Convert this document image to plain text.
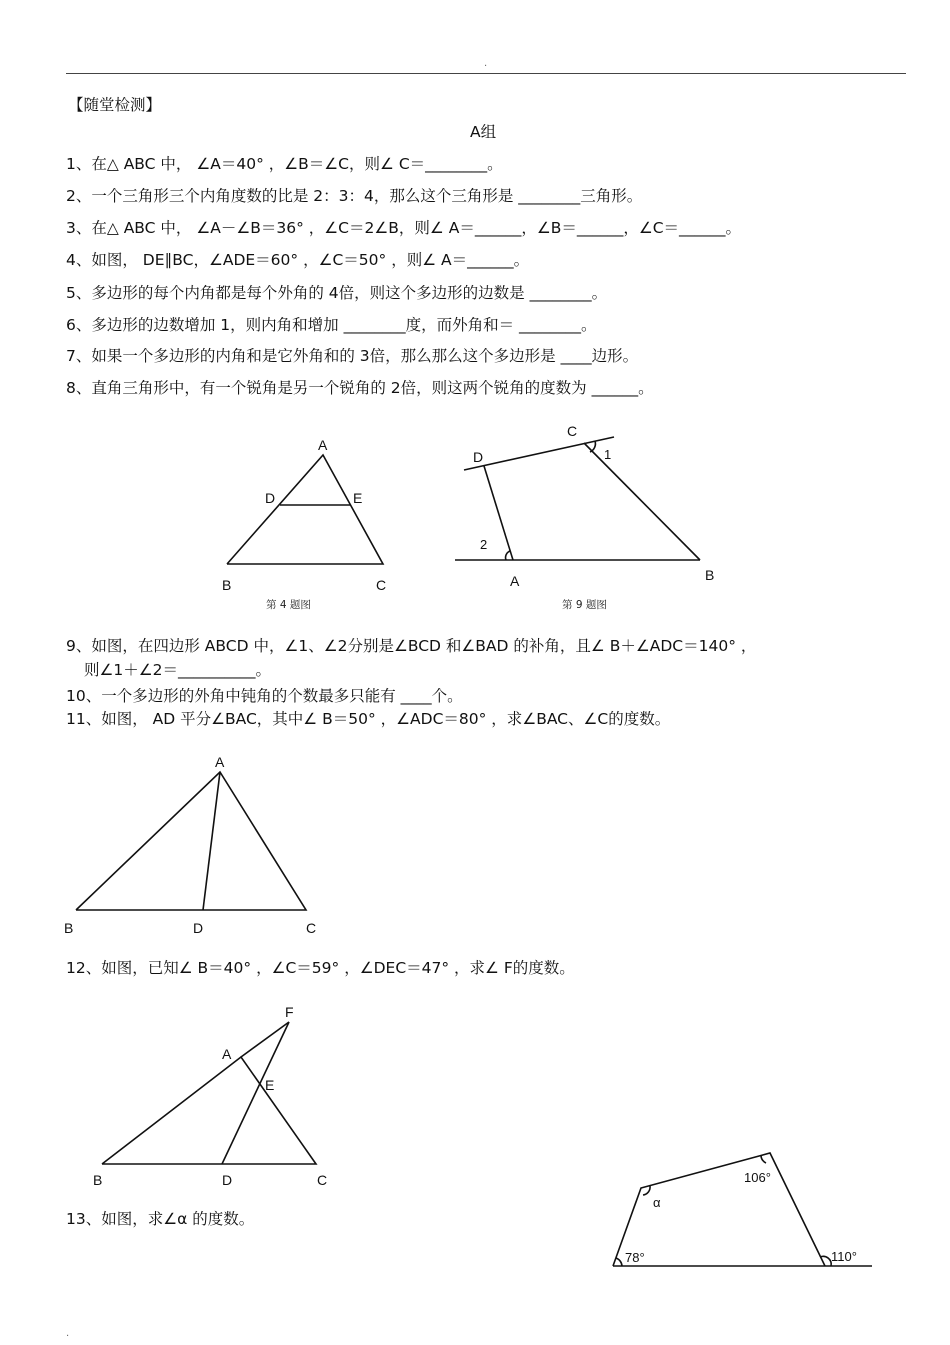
.
【随堂检测】
A组
1、在△ ABC 中， ∠A＝40° ，∠B＝∠C，则∠ C＝________。
2、一个三角形三个内角度数的比是 2：3：4，那么这个三角形是 ________三角形。
3、在△ ABC 中， ∠A－∠B＝36° ，∠C＝2∠B，则∠ A＝______，∠B＝______，∠C＝______。
4、如图， DE∥BC，∠ADE＝60° ，∠C＝50° ，则∠ A＝______。
5、多边形的每个内角都是每个外角的 4倍，则这个多边形的边数是 ________。
6、多边形的边数增加 1，则内角和增加 ________度，而外角和＝ ________。
7、如果一个多边形的内角和是它外角和的 3倍，那么那么这个多边形是 ____边形。
8、直角三角形中，有一个锐角是另一个锐角的 2倍，则这两个锐角的度数为 ______。
A
D	E
B	C
第 4 题图
C
D
A	B
1
2
第 9 题图
9、如图，在四边形 ABCD 中，∠1、∠2分别是∠BCD 和∠BAD 的补角，且∠ B＋∠ADC＝140° ，
则∠1＋∠2＝__________。
10、一个多边形的外角中钝角的个数最多只能有 ____个。
11、如图， AD 平分∠BAC，其中∠ B＝50° ，∠ADC＝80° ，求∠BAC、∠C的度数。
A
B	D	C
12、如图，已知∠ B＝40° ，∠C＝59° ，∠DEC＝47° ，求∠ F的度数。
F
A
E
B	D	C
13、如图，求∠α 的度数。
α
106°
78°	110°
.
